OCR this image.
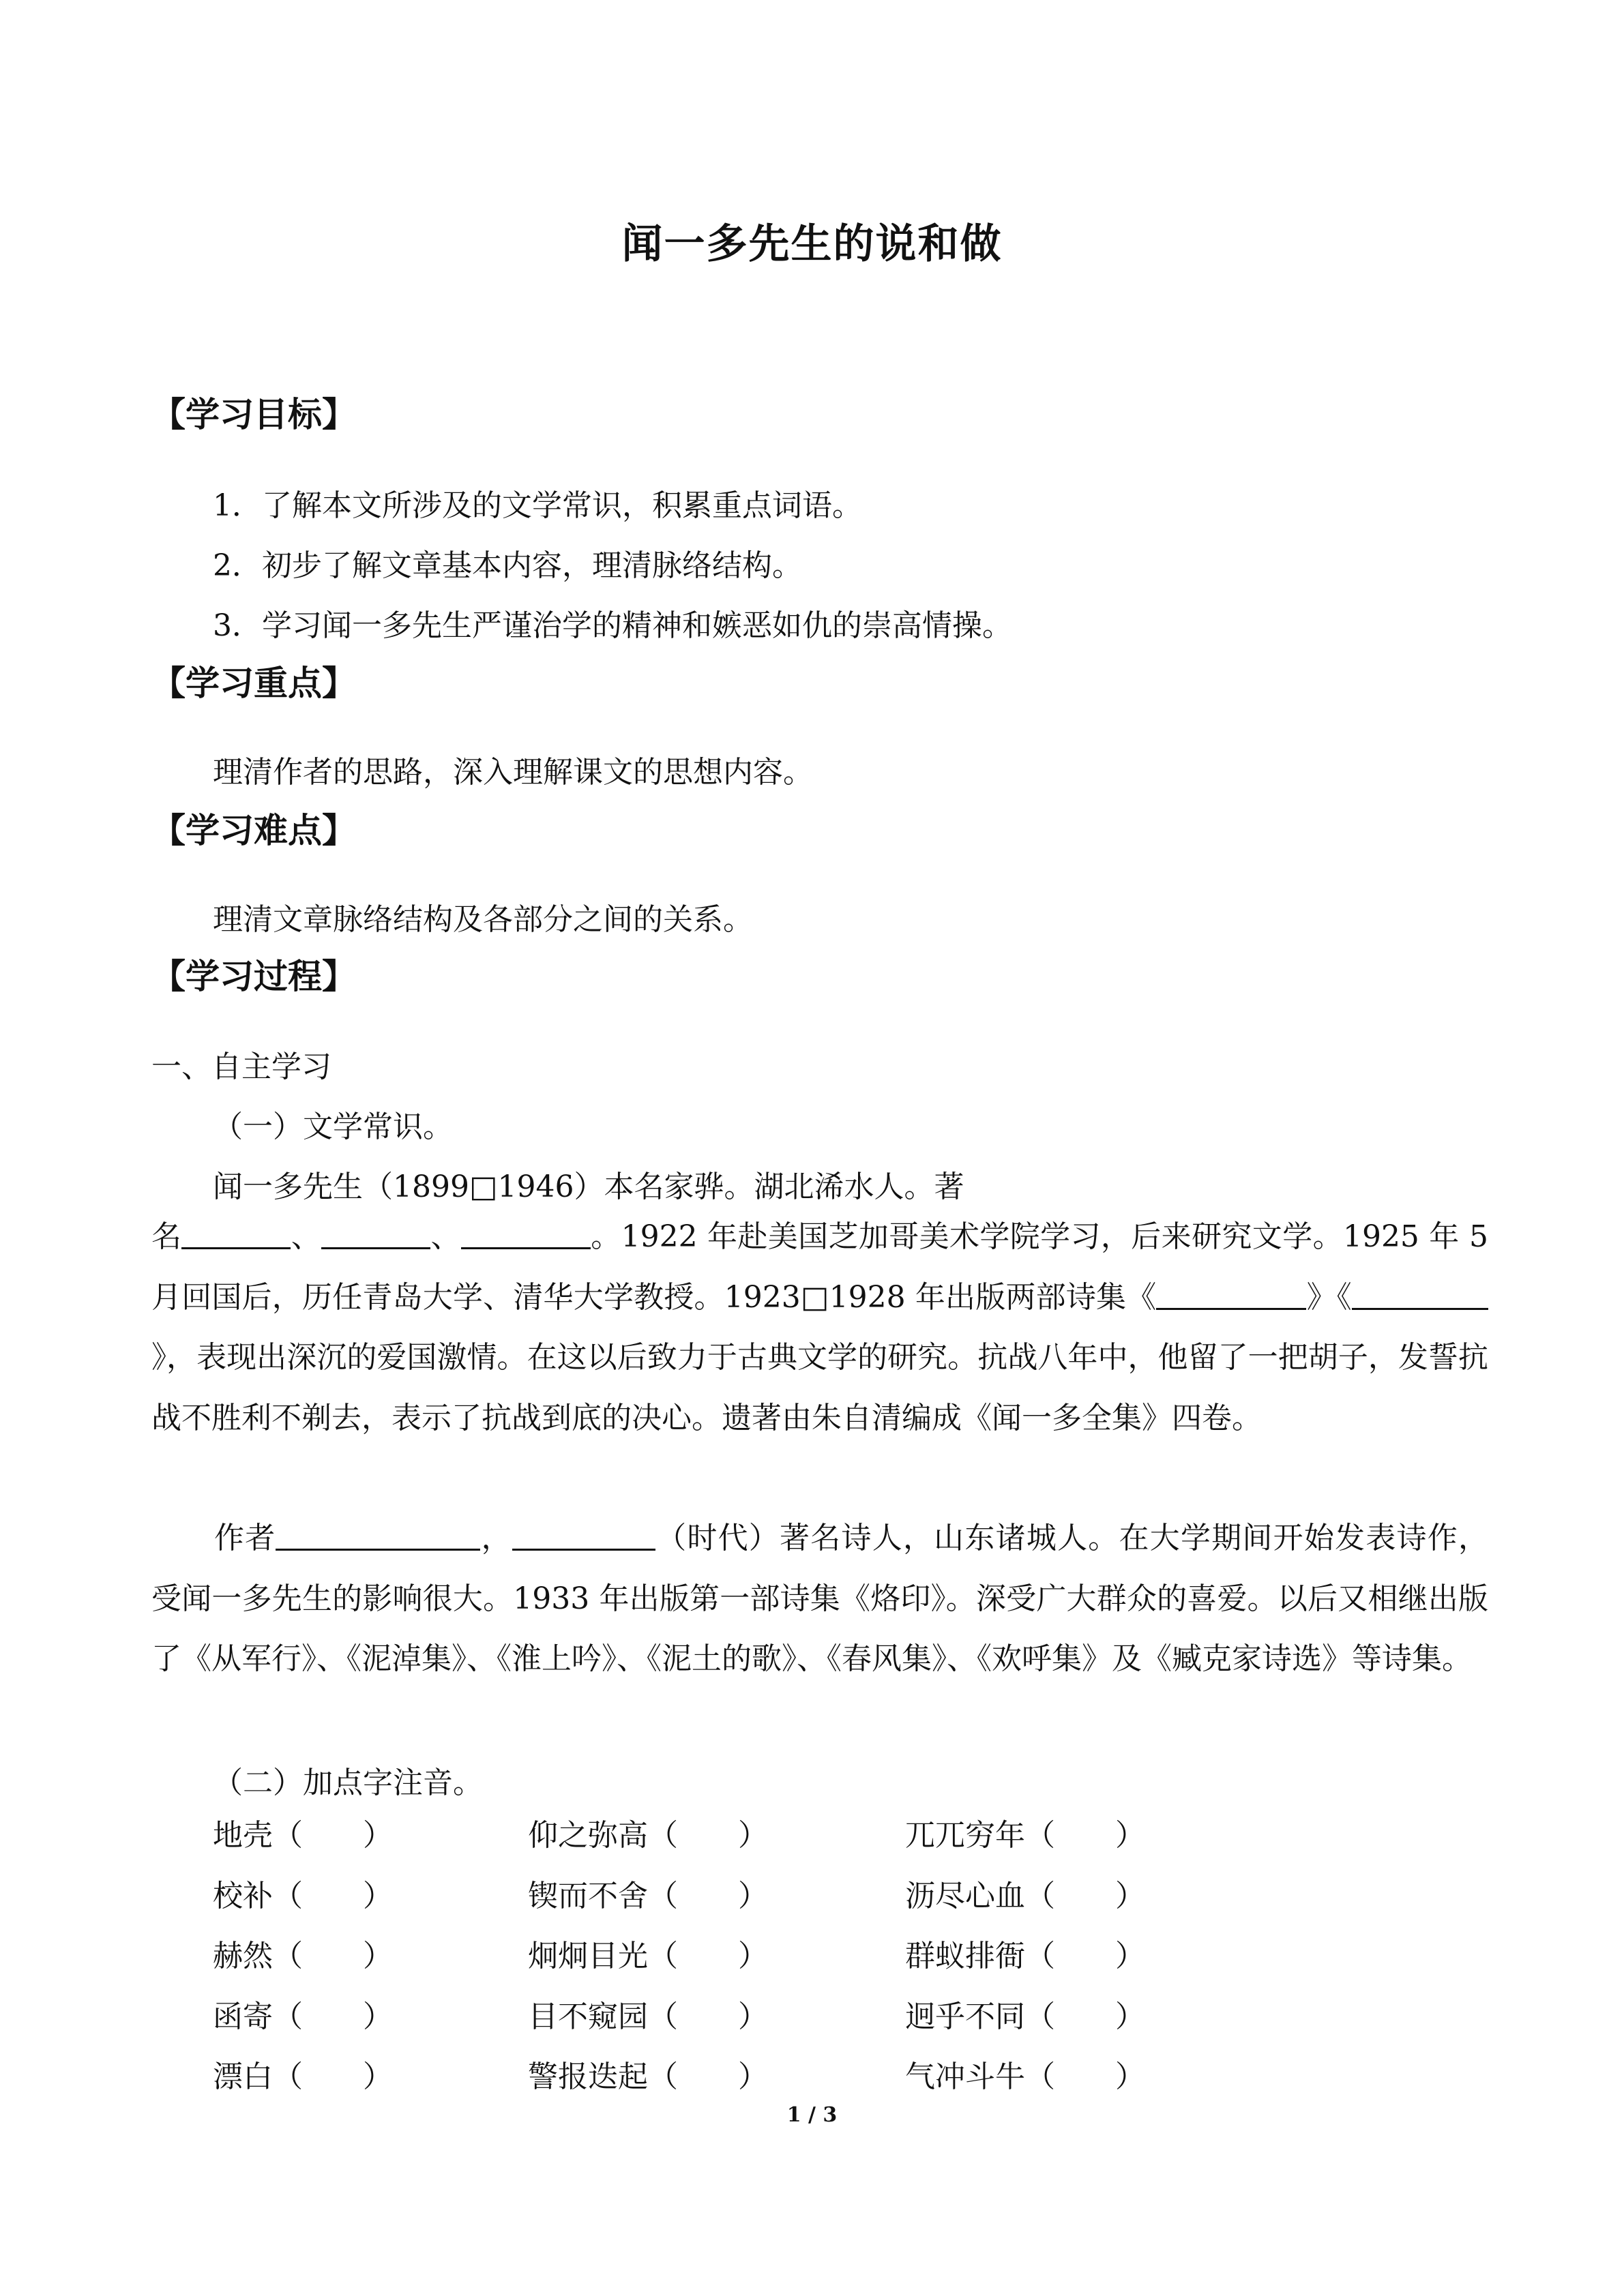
闻一多先生的说和做
【学习目标】

1．了解本文所涉及的文学常识，积累重点词语。

2．初步了解文章基本内容，理清脉络结构。

3．学习闻一多先生严谨治学的精神和嫉恶如仇的崇高情操。

【学习重点】

理清作者的思路，深入理解课文的思想内容。

【学习难点】

理清文章脉络结构及各部分之间的关系。

【学习过程】

一、自主学习

（一）文学常识。

闻一多先生（1899□1946）本名家骅。湖北浠水人。著

名	、	、	。1922 年赴美国芝加哥美术学院学习，后来研究文学。1925 年 5 月回国后，历任青岛大学、清华大学教授。1923□1928 年出版两部诗集《	》《》，表现出深沉的爱国激情。在这以后致力于古典文学的研究。抗战八年中，他留了一把胡子，发誓抗战不胜利不剃去，表示了抗战到底的决心。遗著由朱自清编成《闻一多全集》四卷。

作者	，	（时代）著名诗人，山东诸城人。在大学期间开始发表诗作，受闻一多先生的影响很大。1933 年出版第一部诗集《烙印》。深受广大群众的喜爱。以后又相继出版了《从军行》、《泥淖集》、《淮上吟》、《泥土的歌》、《春风集》、《欢呼集》及《臧克家诗选》等诗集。

（二）加点字注音。

地壳（ ）	仰之弥高（ ）	兀兀穷年（ ）
校补（ ）	锲而不舍（ ）	沥尽心血（ ）
赫然（ ）	炯炯目光（ ）	群蚁排衙（ ）
函寄（ ）	目不窥园（ ）	迥乎不同（ ）
漂白（ ）	警报迭起（ ）	气冲斗牛（ ）
1 / 3
